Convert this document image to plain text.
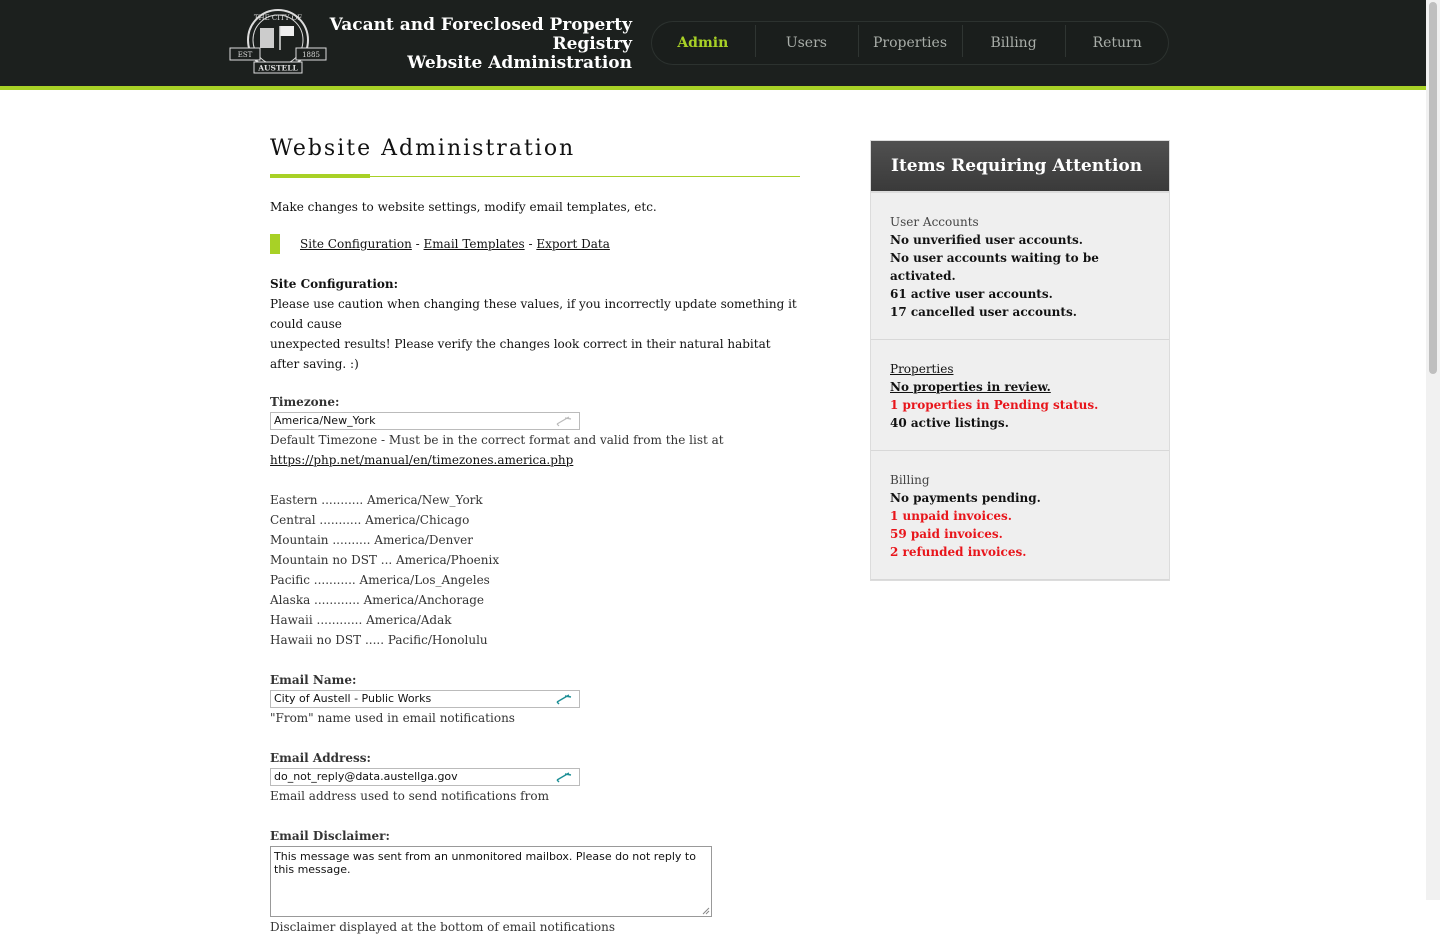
THE CITY OF
EST	1885
AUSTELL
Vacant and Foreclosed Property Registry
Website Administration
Admin	Users	Properties	Billing	Return
Website Administration
Make changes to website settings, modify email templates, etc.
Site Configuration - Email Templates - Export Data
Site Configuration:
Please use caution when changing these values, if you incorrectly update something it could cause
unexpected results! Please verify the changes look correct in their natural habitat after saving. :)
Timezone:
America/New_York
Default Timezone - Must be in the correct format and valid from the list at
https://php.net/manual/en/timezones.america.php
Eastern ........... America/New_York
Central ........... America/Chicago
Mountain .......... America/Denver
Mountain no DST ... America/Phoenix
Pacific ........... America/Los_Angeles
Alaska ............ America/Anchorage
Hawaii ............ America/Adak
Hawaii no DST ..... Pacific/Honolulu
Email Name:
City of Austell - Public Works
"From" name used in email notifications
Email Address:
do_not_reply@data.austellga.gov
Email address used to send notifications from
Email Disclaimer:
This message was sent from an unmonitored mailbox. Please do not reply to this message.
Disclaimer displayed at the bottom of email notifications
Items Requiring Attention
User Accounts
No unverified user accounts.
No user accounts waiting to be activated.
61 active user accounts.
17 cancelled user accounts.
Properties
No properties in review.
1 properties in Pending status.
40 active listings.
Billing
No payments pending.
1 unpaid invoices.
59 paid invoices.
2 refunded invoices.
